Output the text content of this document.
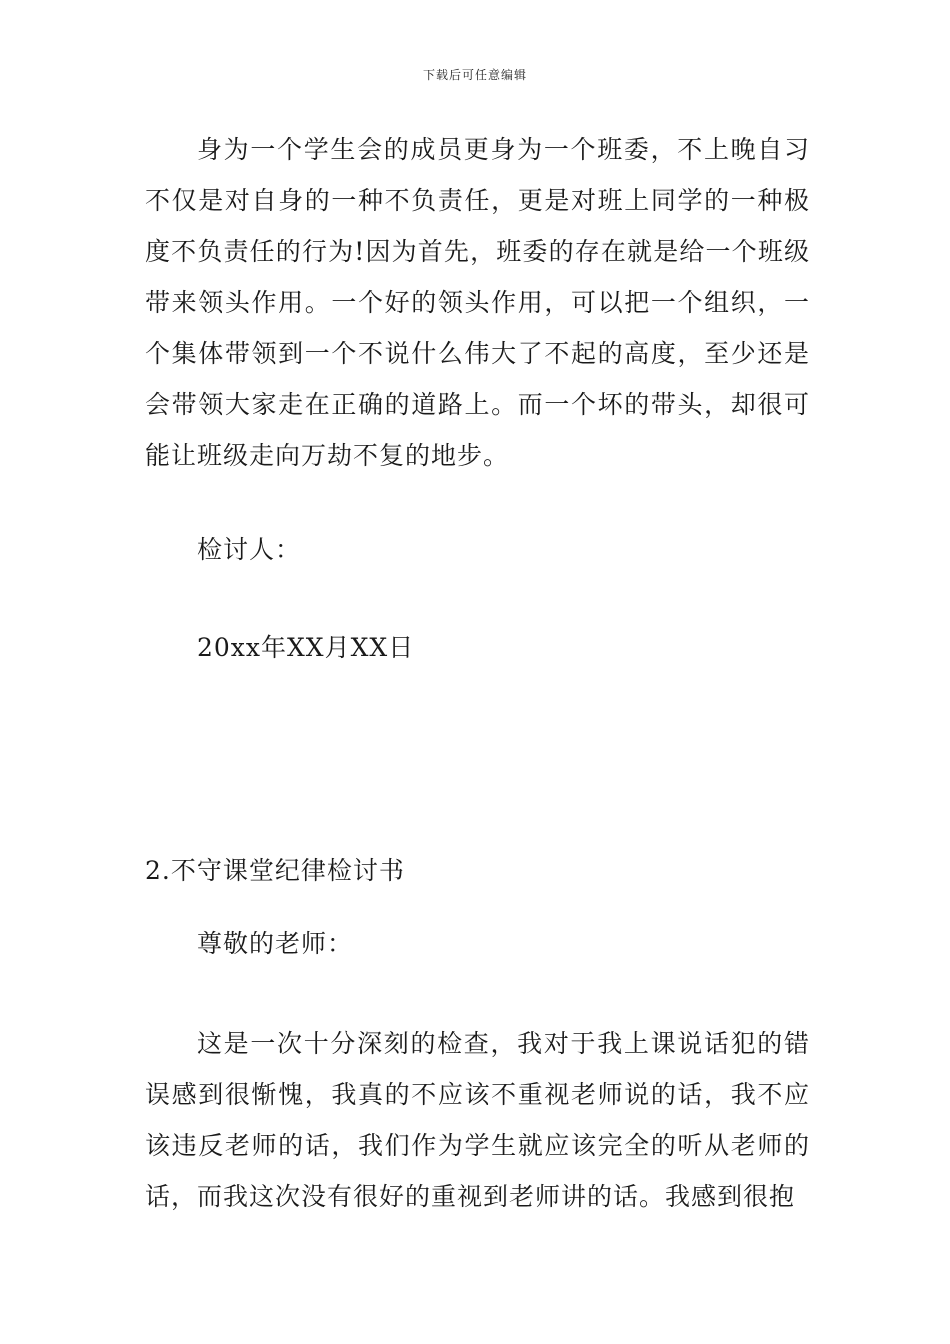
下载后可任意编辑

身为一个学生会的成员更身为一个班委，不上晚自习不仅是对自身的一种不负责任，更是对班上同学的一种极度不负责任的行为!因为首先，班委的存在就是给一个班级带来领头作用。一个好的领头作用，可以把一个组织，一个集体带领到一个不说什么伟大了不起的高度，至少还是会带领大家走在正确的道路上。而一个坏的带头，却很可能让班级走向万劫不复的地步。

检讨人：

20xx年XX月XX日

2.不守课堂纪律检讨书

尊敬的老师：

这是一次十分深刻的检查，我对于我上课说话犯的错误感到很惭愧，我真的不应该不重视老师说的话，我不应该违反老师的话，我们作为学生就应该完全的听从老师的话，而我这次没有很好的重视到老师讲的话。我感到很抱
